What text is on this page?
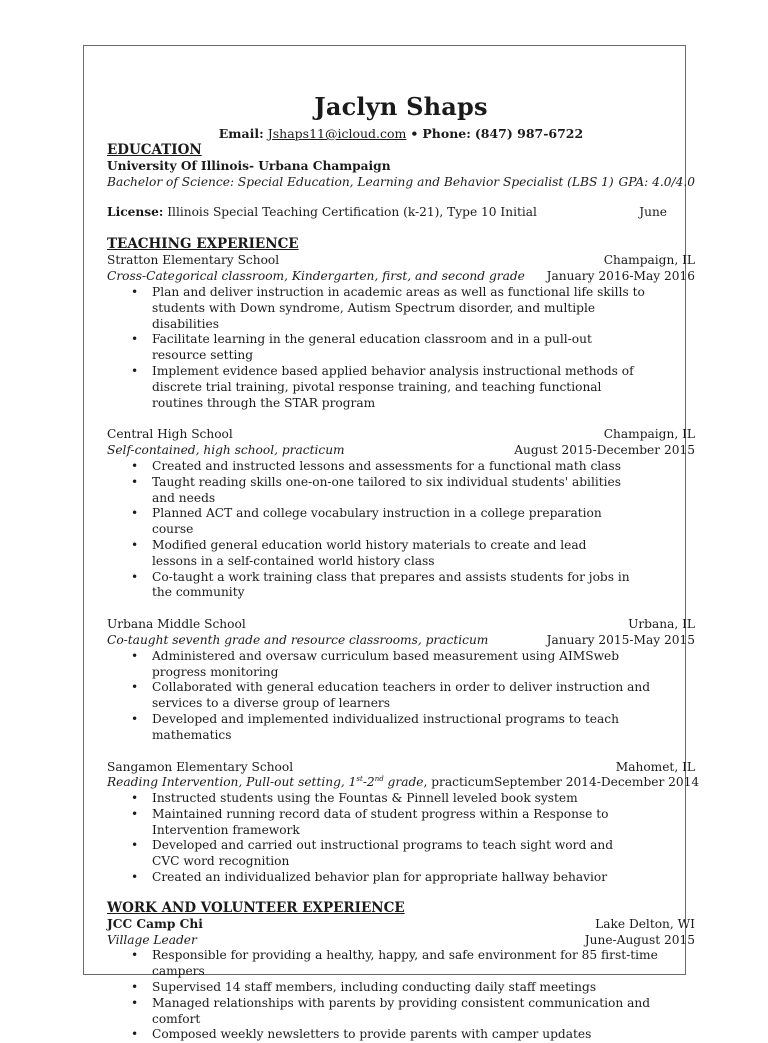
Jaclyn Shaps
Email: Jshaps11@icloud.com • Phone: (847) 987-6722
EDUCATION
University Of Illinois- Urbana Champaign
Bachelor of Science: Special Education, Learning and Behavior Specialist (LBS 1) GPA: 4.0/4.0
License: Illinois Special Teaching Certification (k-21), Type 10 Initial	June
TEACHING EXPERIENCE
Stratton Elementary School	Champaign, IL
Cross-Categorical classroom, Kindergarten, first, and second grade January 2016-May 2016
• Plan and deliver instruction in academic areas as well as functional life skills to students with Down syndrome, Autism Spectrum disorder, and multiple disabilities
• Facilitate learning in the general education classroom and in a pull-out resource setting
• Implement evidence based applied behavior analysis instructional methods of discrete trial training, pivotal response training, and teaching functional routines through the STAR program
Central High School	Champaign, IL
Self-contained, high school, practicum	August 2015-December 2015
• Created and instructed lessons and assessments for a functional math class
• Taught reading skills one-on-one tailored to six individual students' abilities and needs
• Planned ACT and college vocabulary instruction in a college preparation course
• Modified general education world history materials to create and lead lessons in a self-contained world history class
• Co-taught a work training class that prepares and assists students for jobs in the community
Urbana Middle School	Urbana, IL
Co-taught seventh grade and resource classrooms, practicum	January 2015-May 2015
• Administered and oversaw curriculum based measurement using AIMSweb progress monitoring
• Collaborated with general education teachers in order to deliver instruction and services to a diverse group of learners
• Developed and implemented individualized instructional programs to teach mathematics
Sangamon Elementary School	Mahomet, IL
Reading Intervention, Pull-out setting, 1st-2nd grade, practicum September 2014-December 2014
• Instructed students using the Fountas & Pinnell leveled book system
• Maintained running record data of student progress within a Response to Intervention framework
• Developed and carried out instructional programs to teach sight word and CVC word recognition
• Created an individualized behavior plan for appropriate hallway behavior
WORK AND VOLUNTEER EXPERIENCE
JCC Camp Chi	Lake Delton, WI
Village Leader	June-August 2015
• Responsible for providing a healthy, happy, and safe environment for 85 first-time campers
• Supervised 14 staff members, including conducting daily staff meetings
• Managed relationships with parents by providing consistent communication and comfort
• Composed weekly newsletters to provide parents with camper updates
